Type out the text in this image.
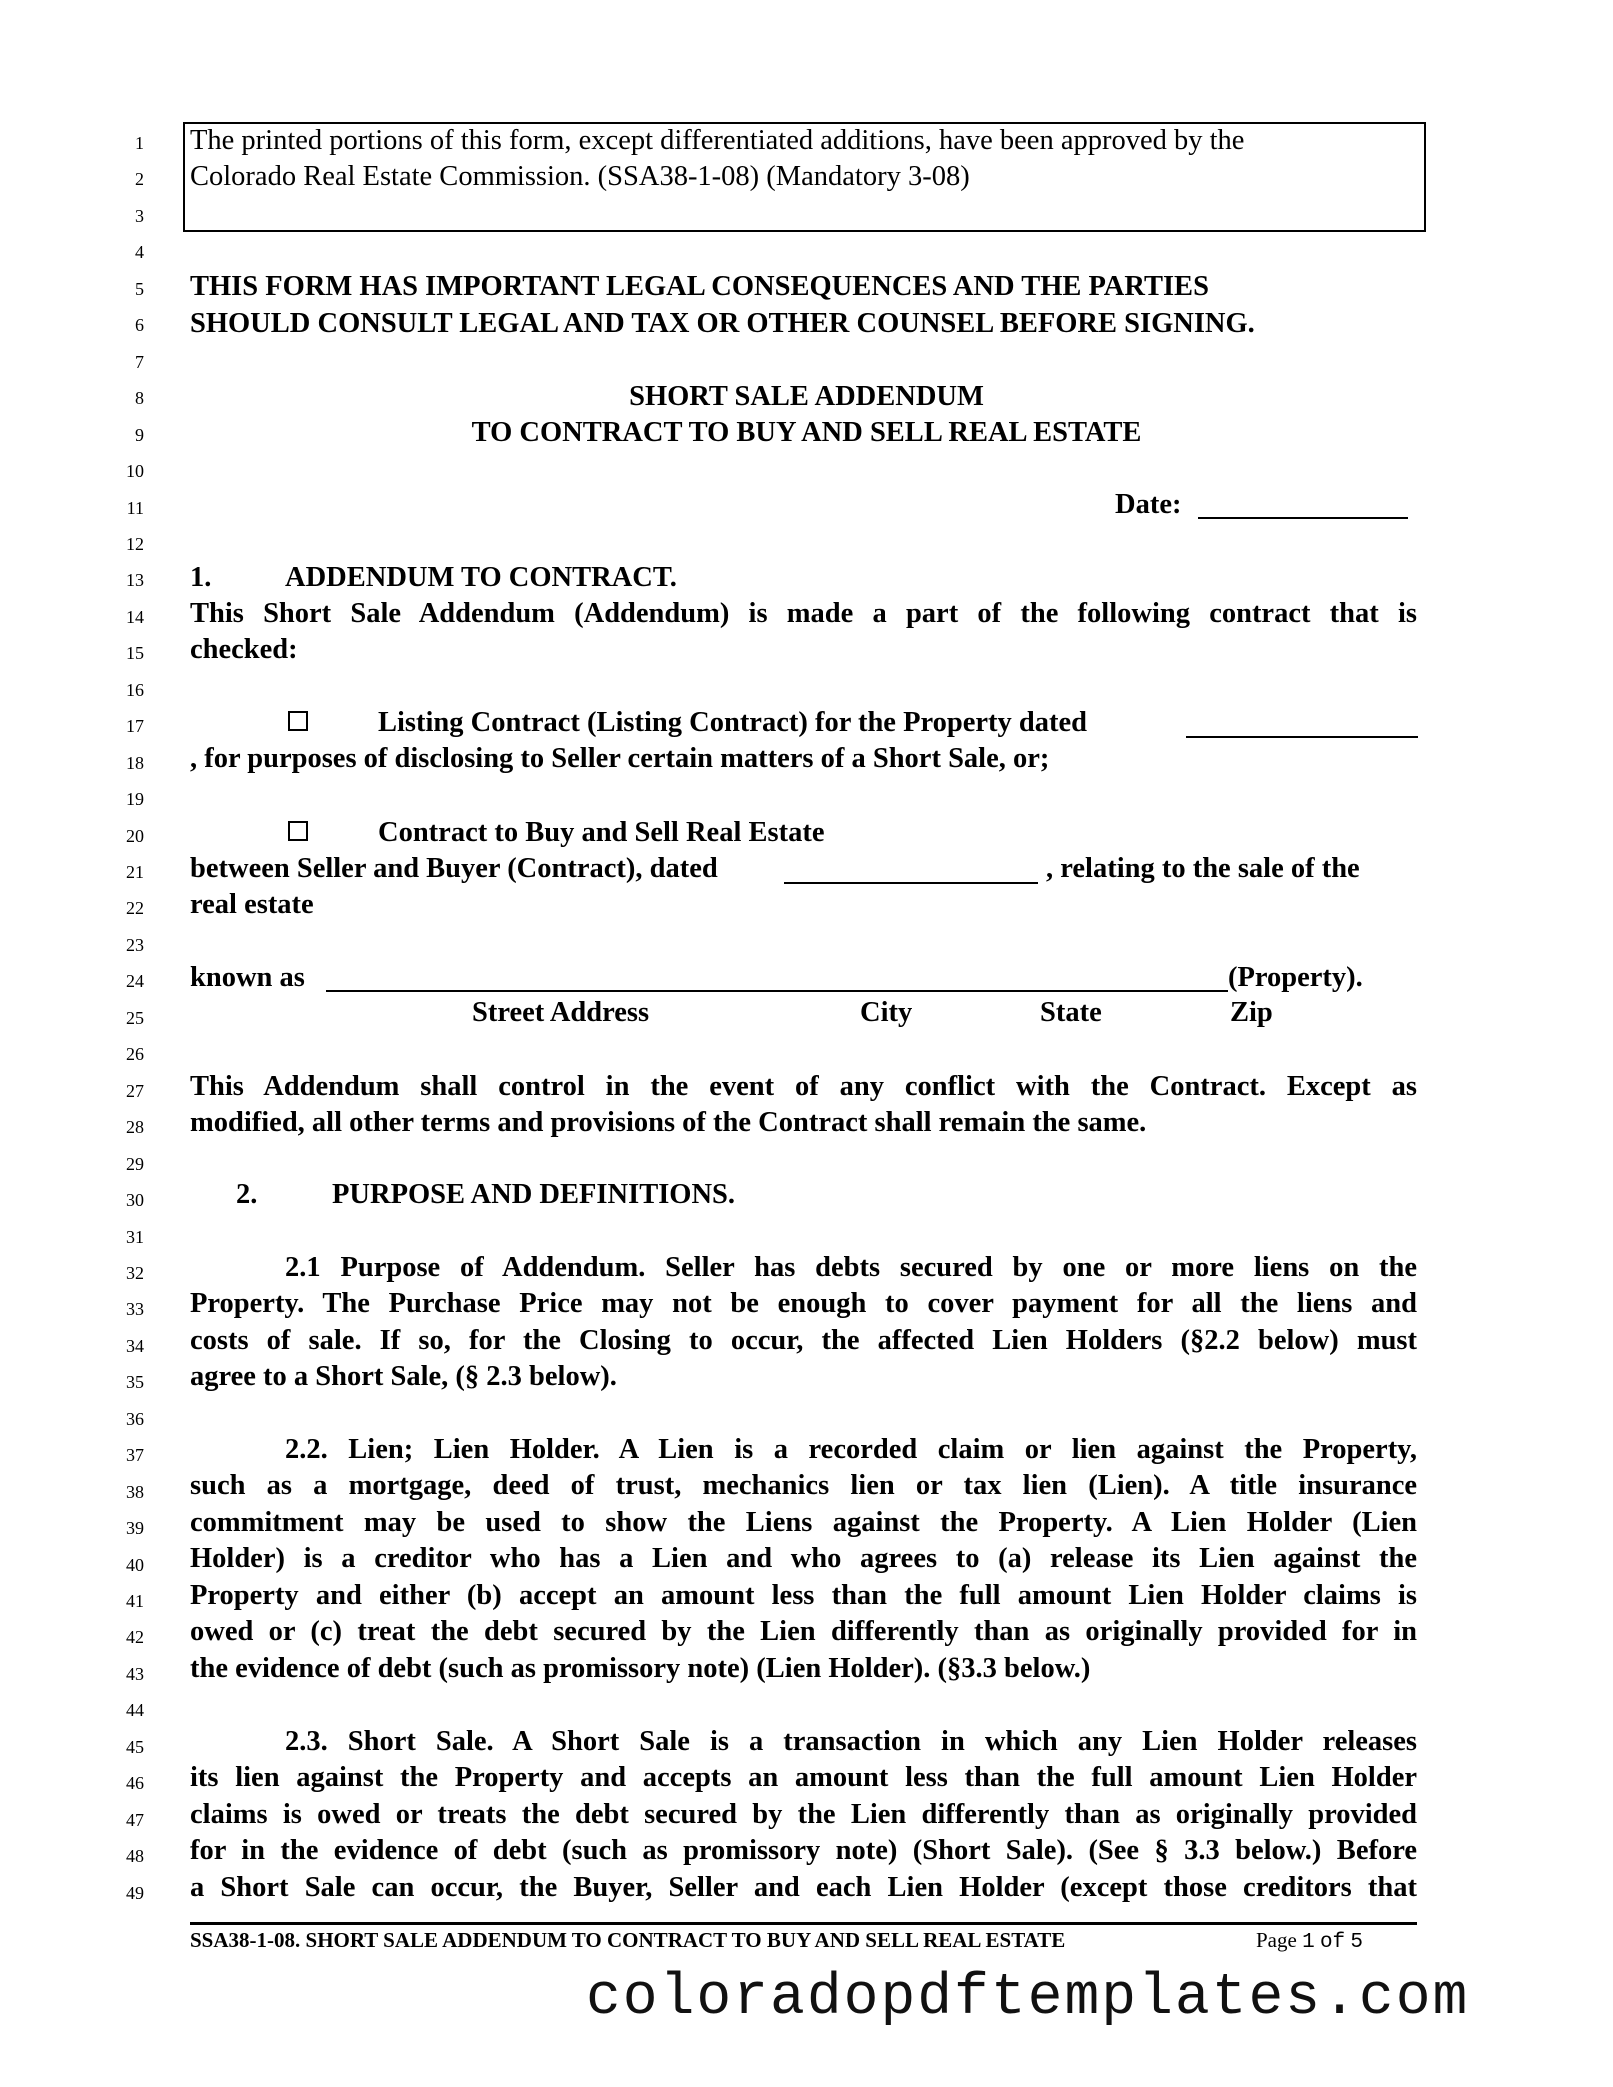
1
2
3
4
5
6
7
8
9
10
11
12
13
14
15
16
17
18
19
20
21
22
23
24
25
26
27
28
29
30
31
32
33
34
35
36
37
38
39
40
41
42
43
44
45
46
47
48
49
The printed portions of this form, except differentiated additions, have been approved by the
Colorado Real Estate Commission. (SSA38-1-08) (Mandatory 3-08)
THIS FORM HAS IMPORTANT LEGAL CONSEQUENCES AND THE PARTIES
SHOULD CONSULT LEGAL AND TAX OR OTHER COUNSEL BEFORE SIGNING.
SHORT SALE ADDENDUM
TO CONTRACT TO BUY AND SELL REAL ESTATE
Date:
1.	ADDENDUM TO CONTRACT.
This Short Sale Addendum (Addendum) is made a part of the following contract that is
checked:
Listing Contract (Listing Contract) for the Property dated
, for purposes of disclosing to Seller certain matters of a Short Sale, or;
Contract to Buy and Sell Real Estate
between Seller and Buyer (Contract), dated	, relating to the sale of the
real estate
known as	(Property).
Street Address	City	State	Zip
This Addendum shall control in the event of any conflict with the Contract. Except as
modified, all other terms and provisions of the Contract shall remain the same.
2.	PURPOSE AND DEFINITIONS.
2.1 Purpose of Addendum. Seller has debts secured by one or more liens on the
Property. The Purchase Price may not be enough to cover payment for all the liens and
costs of sale. If so, for the Closing to occur, the affected Lien Holders (§2.2 below) must
agree to a Short Sale, (§ 2.3 below).
2.2. Lien; Lien Holder. A Lien is a recorded claim or lien against the Property,
such as a mortgage, deed of trust, mechanics lien or tax lien (Lien). A title insurance
commitment may be used to show the Liens against the Property. A Lien Holder (Lien
Holder) is a creditor who has a Lien and who agrees to (a) release its Lien against the
Property and either (b) accept an amount less than the full amount Lien Holder claims is
owed or (c) treat the debt secured by the Lien differently than as originally provided for in
the evidence of debt (such as promissory note) (Lien Holder). (§3.3 below.)
2.3. Short Sale. A Short Sale is a transaction in which any Lien Holder releases
its lien against the Property and accepts an amount less than the full amount Lien Holder
claims is owed or treats the debt secured by the Lien differently than as originally provided
for in the evidence of debt (such as promissory note) (Short Sale). (See § 3.3 below.) Before
a Short Sale can occur, the Buyer, Seller and each Lien Holder (except those creditors that
SSA38-1-08. SHORT SALE ADDENDUM TO CONTRACT TO BUY AND SELL REAL ESTATE	Page 1 of 5
coloradopdftemplates.com
